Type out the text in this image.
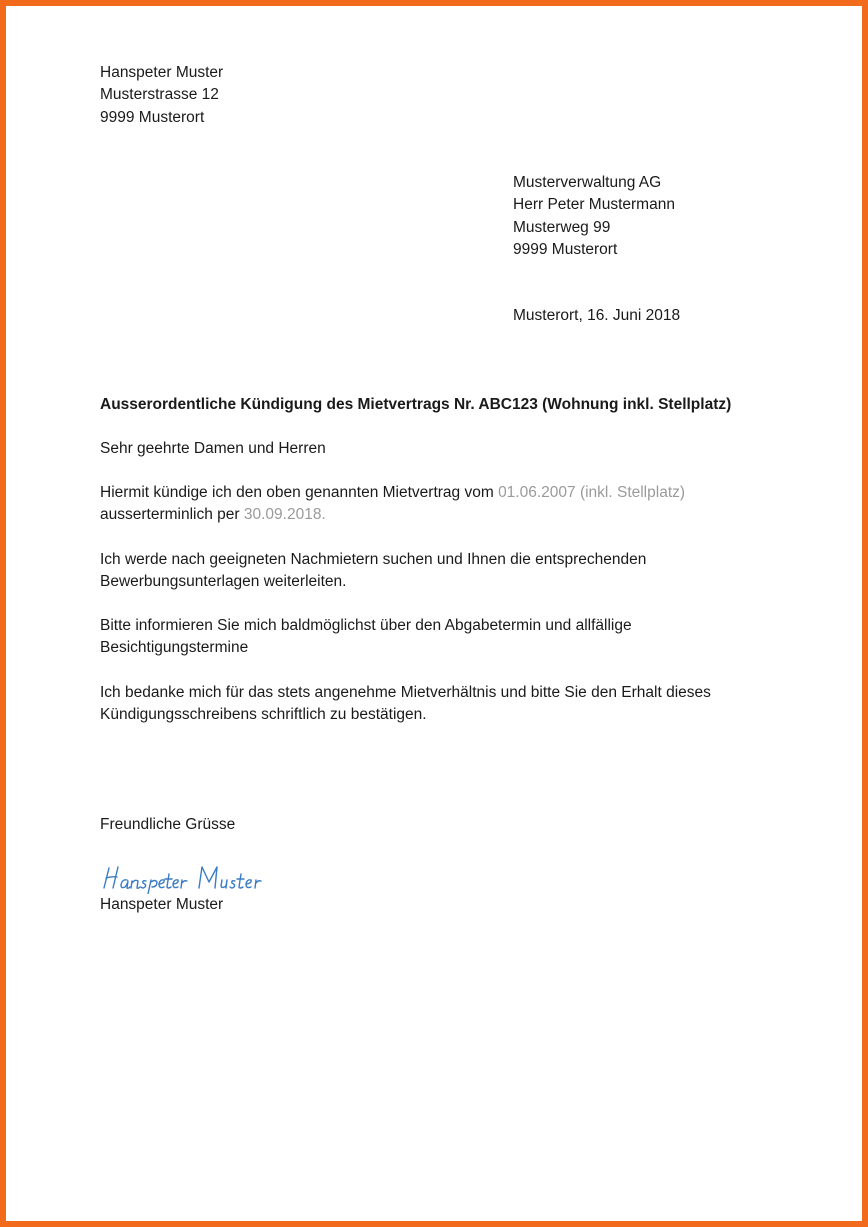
Hanspeter Muster
Musterstrasse 12
9999 Musterort
Musterverwaltung AG
Herr Peter Mustermann
Musterweg 99
9999 Musterort
Musterort, 16. Juni 2018
Ausserordentliche Kündigung des Mietvertrags Nr. ABC123 (Wohnung inkl. Stellplatz)
Sehr geehrte Damen und Herren
Hiermit kündige ich den oben genannten Mietvertrag vom 01.06.2007 (inkl. Stellplatz)
ausserterminlich per 30.09.2018.
Ich werde nach geeigneten Nachmietern suchen und Ihnen die entsprechenden
Bewerbungsunterlagen weiterleiten.
Bitte informieren Sie mich baldmöglichst über den Abgabetermin und allfällige
Besichtigungstermine
Ich bedanke mich für das stets angenehme Mietverhältnis und bitte Sie den Erhalt dieses
Kündigungsschreibens schriftlich zu bestätigen.
Freundliche Grüsse
Hanspeter Muster
